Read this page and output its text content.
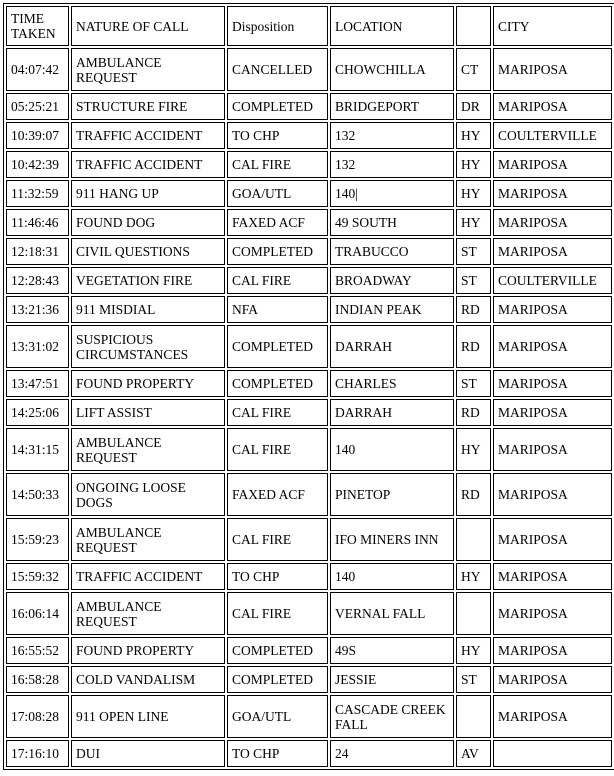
TIME TAKEN	NATURE OF CALL	Disposition	LOCATION		CITY
04:07:42	AMBULANCE REQUEST	CANCELLED	CHOWCHILLA	CT	MARIPOSA
05:25:21	STRUCTURE FIRE	COMPLETED	BRIDGEPORT	DR	MARIPOSA
10:39:07	TRAFFIC ACCIDENT	TO CHP	132	HY	COULTERVILLE
10:42:39	TRAFFIC ACCIDENT	CAL FIRE	132	HY	MARIPOSA
11:32:59	911 HANG UP	GOA/UTL	140|	HY	MARIPOSA
11:46:46	FOUND DOG	FAXED ACF	49 SOUTH	HY	MARIPOSA
12:18:31	CIVIL QUESTIONS	COMPLETED	TRABUCCO	ST	MARIPOSA
12:28:43	VEGETATION FIRE	CAL FIRE	BROADWAY	ST	COULTERVILLE
13:21:36	911 MISDIAL	NFA	INDIAN PEAK	RD	MARIPOSA
13:31:02	SUSPICIOUS CIRCUMSTANCES	COMPLETED	DARRAH	RD	MARIPOSA
13:47:51	FOUND PROPERTY	COMPLETED	CHARLES	ST	MARIPOSA
14:25:06	LIFT ASSIST	CAL FIRE	DARRAH	RD	MARIPOSA
14:31:15	AMBULANCE REQUEST	CAL FIRE	140	HY	MARIPOSA
14:50:33	ONGOING LOOSE DOGS	FAXED ACF	PINETOP	RD	MARIPOSA
15:59:23	AMBULANCE REQUEST	CAL FIRE	IFO MINERS INN		MARIPOSA
15:59:32	TRAFFIC ACCIDENT	TO CHP	140	HY	MARIPOSA
16:06:14	AMBULANCE REQUEST	CAL FIRE	VERNAL FALL		MARIPOSA
16:55:52	FOUND PROPERTY	COMPLETED	49S	HY	MARIPOSA
16:58:28	COLD VANDALISM	COMPLETED	JESSIE	ST	MARIPOSA
17:08:28	911 OPEN LINE	GOA/UTL	CASCADE CREEK FALL		MARIPOSA
17:16:10	DUI	TO CHP	24	AV	
